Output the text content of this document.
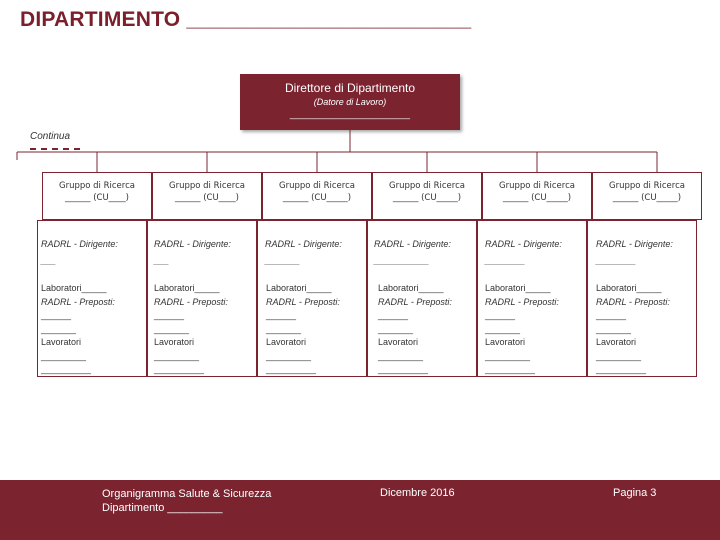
DIPARTIMENTO ________________________
Direttore di Dipartimento
(Datore di Lavoro)
________________________
Continua
Gruppo di Ricerca
______ (CU____)
RADRL - Dirigente:
___
Laboratori_____
RADRL - Preposti:
______
_______
Lavoratori
_________
__________
Gruppo di Ricerca
______ (CU____)
RADRL - Dirigente:
___
Laboratori_____
RADRL - Preposti:
______
_______
Lavoratori
_________
__________
Gruppo di Ricerca
______ (CU_____)
RADRL - Dirigente:
_______
Laboratori_____
RADRL - Preposti:
______
_______
Lavoratori
_________
__________
Gruppo di Ricerca
______ (CU_____)
RADRL - Dirigente:
___________
Laboratori_____
RADRL - Preposti:
______
_______
Lavoratori
_________
__________
Gruppo di Ricerca
______ (CU_____)
RADRL - Dirigente:
________
Laboratori_____
RADRL - Preposti:
______
_______
Lavoratori
_________
__________
Gruppo di Ricerca
______ (CU_____)
RADRL - Dirigente:
________
Laboratori_____
RADRL - Preposti:
______
_______
Lavoratori
_________
__________
Organigramma Salute & Sicurezza
Dipartimento _________
Dicembre 2016	Pagina 3
